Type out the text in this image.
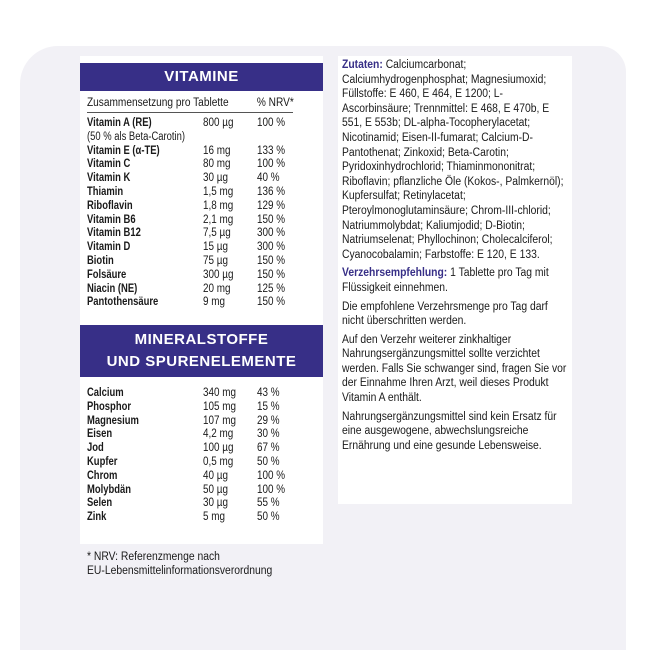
VITAMINE
Zusammensetzung pro Tablette % NRV*
Vitamin A (RE)	800 µg 100 %
(50 % als Beta-Carotin)
Vitamin E (α-TE)	16 mg 133 %
Vitamin C	80 mg 100 %
Vitamin K	30 µg	40 %
Thiamin	1,5 mg 136 %
Riboflavin	1,8 mg 129 %
Vitamin B6	2,1 mg 150 %
Vitamin B12	7,5 µg 300 %
Vitamin D	15 µg	300 %
Biotin	75 µg	150 %
Folsäure	300 µg 150 %
Niacin (NE)	20 mg 125 %
Pantothensäure	9 mg	150 %
MINERALSTOFFE
UND SPURENELEMENTE
Calcium	340 mg 43 %
Phosphor	105 mg 15 %
Magnesium	107 mg 29 %
Eisen	4,2 mg 30 %
Jod	100 µg 67 %
Kupfer	0,5 mg 50 %
Chrom	40 µg	100 %
Molybdän	50 µg	100 %
Selen	30 µg	55 %
Zink	5 mg	50 %
* NRV: Referenzmenge nach
EU-Lebensmittelinformationsverordnung

Zutaten: Calciumcarbonat; Calciumhydrogenphosphat; Magnesiumoxid; Füllstoffe: E 460, E 464, E 1200; L-Ascorbinsäure; Trennmittel: E 468, E 470b, E 551, E 553b; DL-alpha-Tocopherylacetat; Nicotinamid; Eisen-II-fumarat; Calcium-D-Pantothenat; Zinkoxid; Beta-Carotin; Pyridoxinhydrochlorid; Thiaminmononitrat; Riboflavin; pflanzliche Öle (Kokos-, Palmkernöl); Kupfersulfat; Retinylacetat; Pteroylmonoglutaminsäure; Chrom-III-chlorid; Natriummolybdat; Kaliumjodid; D-Biotin; Natriumselenat; Phyllochinon; Cholecalciferol; Cyanocobalamin; Farbstoffe: E 120, E 133.

Verzehrsempfehlung: 1 Tablette pro Tag mit Flüssigkeit einnehmen.

Die empfohlene Verzehrsmenge pro Tag darf nicht überschritten werden.

Auf den Verzehr weiterer zinkhaltiger Nahrungsergänzungsmittel sollte verzichtet werden. Falls Sie schwanger sind, fragen Sie vor der Einnahme Ihren Arzt, weil dieses Produkt Vitamin A enthält.

Nahrungsergänzungsmittel sind kein Ersatz für eine ausgewogene, abwechslungsreiche Ernährung und eine gesunde Lebensweise.
